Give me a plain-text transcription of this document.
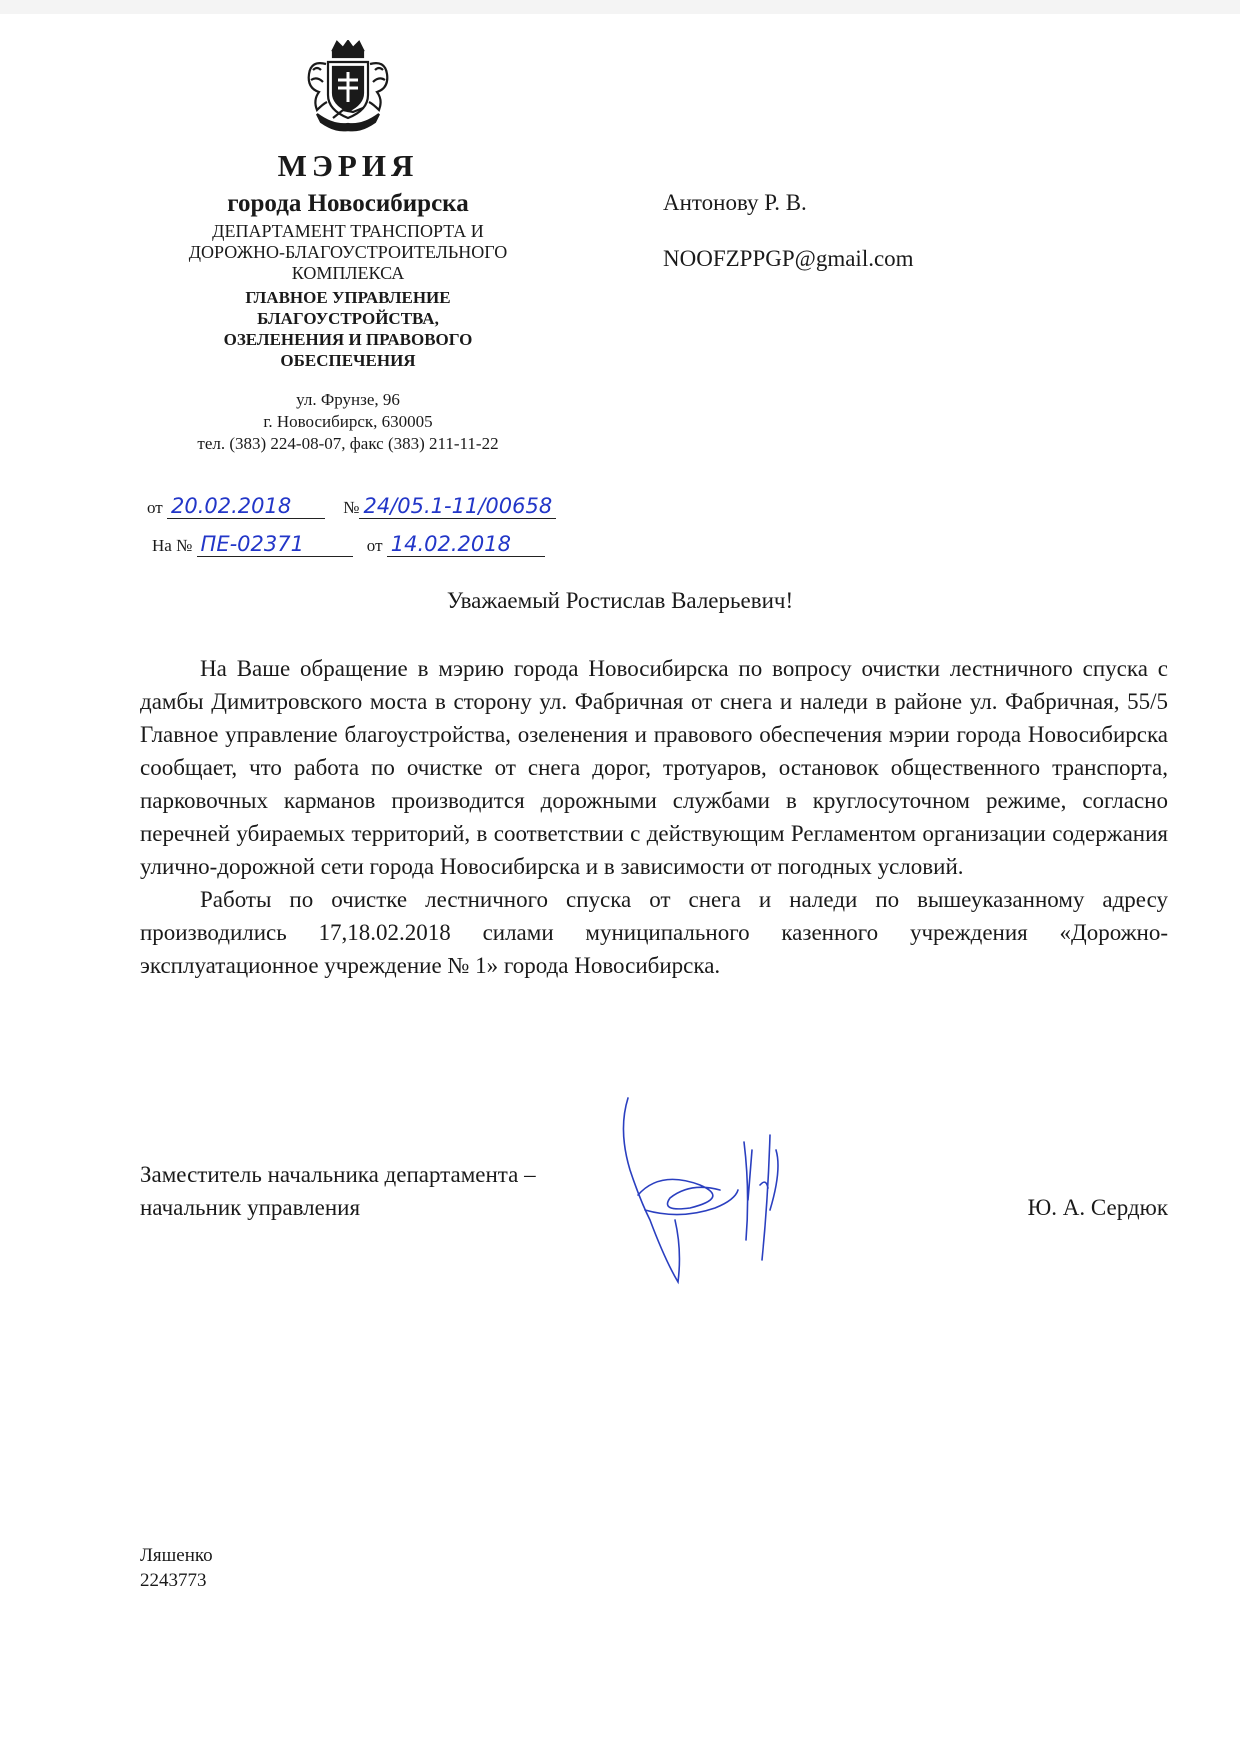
МЭРИЯ
города Новосибирска
ДЕПАРТАМЕНТ ТРАНСПОРТА И
ДОРОЖНО-БЛАГОУСТРОИТЕЛЬНОГО
КОМПЛЕКСА
ГЛАВНОЕ УПРАВЛЕНИЕ
БЛАГОУСТРОЙСТВА,
ОЗЕЛЕНЕНИЯ И ПРАВОВОГО
ОБЕСПЕЧЕНИЯ
ул. Фрунзе, 96
г. Новосибирск, 630005
тел. (383) 224-08-07, факс (383) 211-11-22
от 20.02.2018	№ 24/05.1-11/00658
На № ПЕ-02371	от 14.02.2018
Антонову Р. В.
NOOFZPPGP@gmail.com
Уважаемый Ростислав Валерьевич!

На Ваше обращение в мэрию города Новосибирска по вопросу очистки лестничного спуска с дамбы Димитровского моста в сторону ул. Фабричная от снега и наледи в районе ул. Фабричная, 55/5 Главное управление благоустройства, озеленения и правового обеспечения мэрии города Новосибирска сообщает, что работа по очистке от снега дорог, тротуаров, остановок общественного транспорта, парковочных карманов производится дорожными службами в круглосуточном режиме, согласно перечней убираемых территорий, в соответствии с действующим Регламентом организации содержания улично-дорожной сети города Новосибирска и в зависимости от погодных условий.

Работы по очистке лестничного спуска от снега и наледи по вышеуказанному адресу производились 17,18.02.2018 силами муниципального казенного учреждения «Дорожно-эксплуатационное учреждение № 1» города Новосибирска.

Заместитель начальника департамента –
начальник управления	Ю. А. Сердюк
Ляшенко
2243773
